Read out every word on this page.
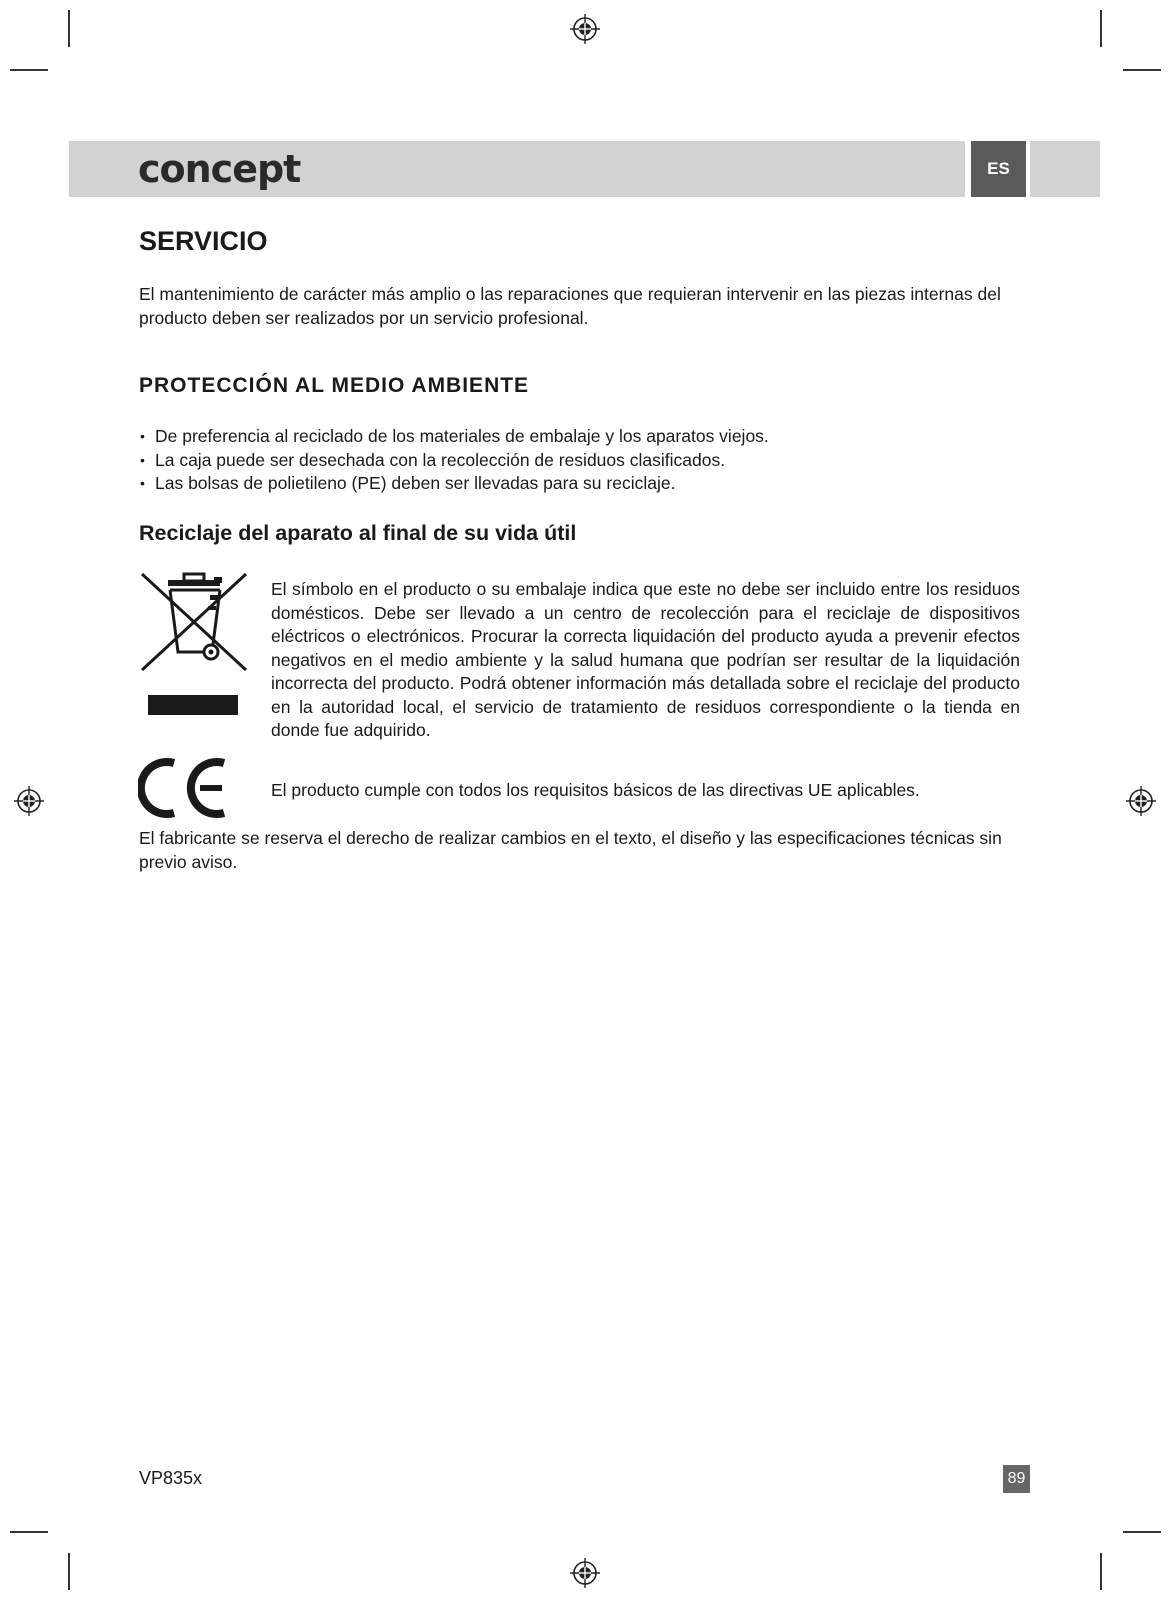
concept	ES
SERVICIO

El mantenimiento de carácter más amplio o las reparaciones que requieran intervenir en las piezas internas del producto deben ser realizados por un servicio profesional.

PROTECCIÓN AL MEDIO AMBIENTE
• De preferencia al reciclado de los materiales de embalaje y los aparatos viejos.
• La caja puede ser desechada con la recolección de residuos clasificados.
• Las bolsas de polietileno (PE) deben ser llevadas para su reciclaje.
Reciclaje del aparato al final de su vida útil

El símbolo en el producto o su embalaje indica que este no debe ser incluido entre los residuos domésticos. Debe ser llevado a un centro de recolección para el reciclaje de dispositivos eléctricos o electrónicos. Procurar la correcta liquidación del producto ayuda a prevenir efectos negativos en el medio ambiente y la salud humana que podrían ser resultar de la liquidación incorrecta del producto. Podrá obtener información más detallada sobre el reciclaje del producto en la autoridad local, el servicio de tratamiento de residuos correspondiente o la tienda en donde fue adquirido.

El producto cumple con todos los requisitos básicos de las directivas UE aplicables.

El fabricante se reserva el derecho de realizar cambios en el texto, el diseño y las especificaciones técnicas sin previo aviso.

VP835x	89
